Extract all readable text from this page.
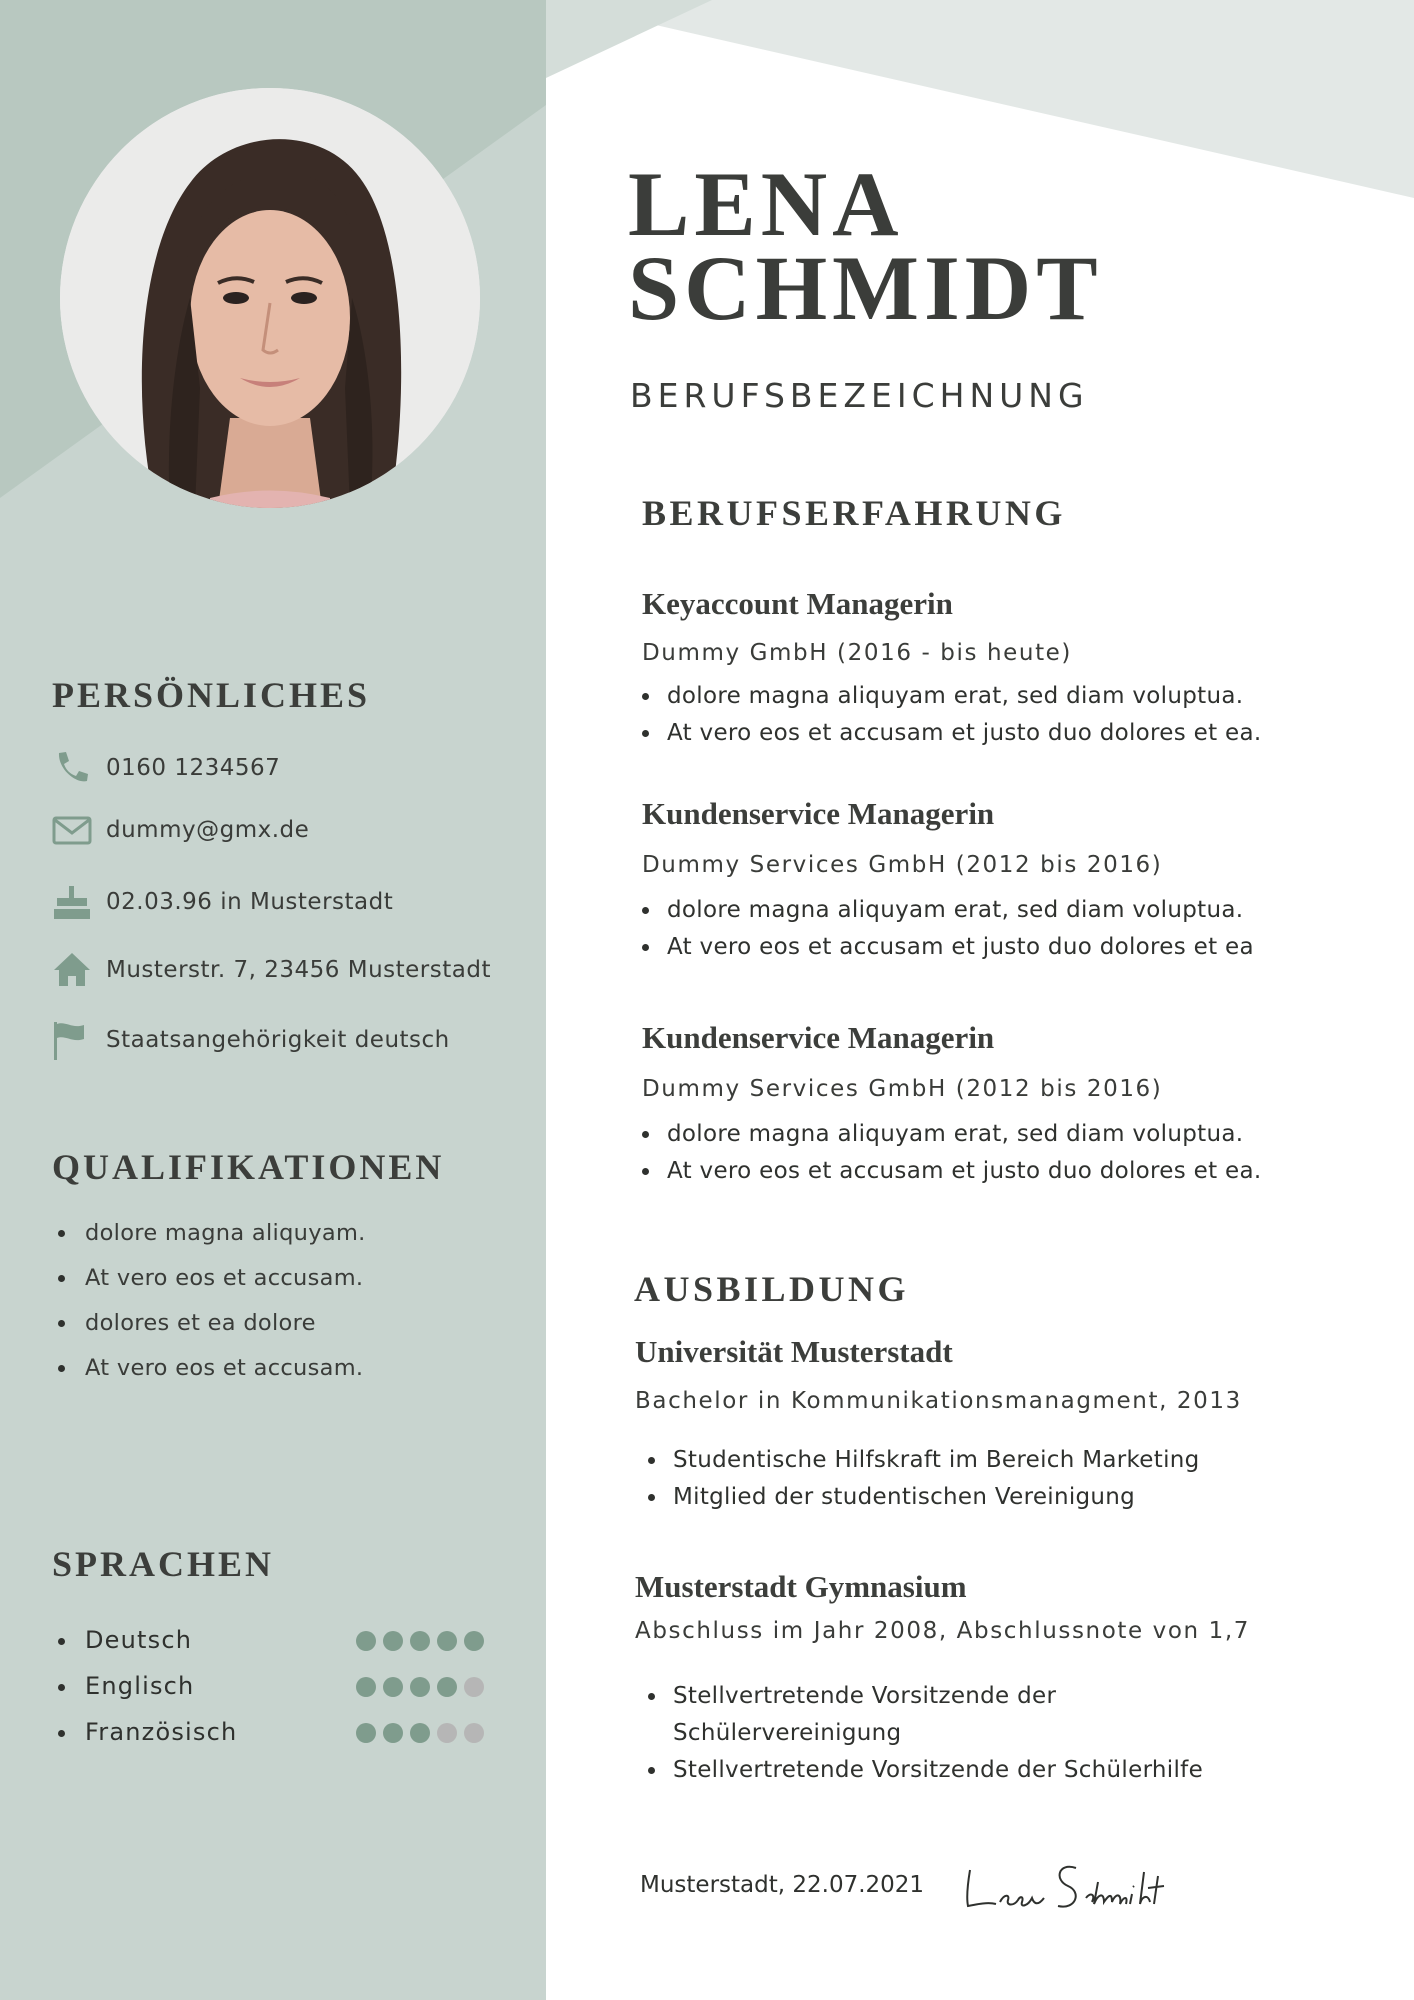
LENA
SCHMIDT
BERUFSBEZEICHNUNG
PERSÖNLICHES
0160 1234567
dummy@gmx.de
02.03.96 in Musterstadt
Musterstr. 7, 23456 Musterstadt
Staatsangehörigkeit deutsch
QUALIFIKATIONEN
dolore magna aliquyam.
At vero eos et accusam.
dolores et ea dolore
At vero eos et accusam.
SPRACHEN
Deutsch
Englisch
Französisch
BERUFSERFAHRUNG
Keyaccount Managerin
Dummy GmbH (2016 - bis heute)
dolore magna aliquyam erat, sed diam voluptua.
At vero eos et accusam et justo duo dolores et ea.
Kundenservice Managerin
Dummy Services GmbH (2012 bis 2016)
dolore magna aliquyam erat, sed diam voluptua.
At vero eos et accusam et justo duo dolores et ea
Kundenservice Managerin
Dummy Services GmbH (2012 bis 2016)
dolore magna aliquyam erat, sed diam voluptua.
At vero eos et accusam et justo duo dolores et ea.
AUSBILDUNG
Universität Musterstadt
Bachelor in Kommunikationsmanagment, 2013
Studentische Hilfskraft im Bereich Marketing
Mitglied der studentischen Vereinigung
Musterstadt Gymnasium
Abschluss im Jahr 2008, Abschlussnote von 1,7
Stellvertretende Vorsitzende der
Schülervereinigung
Stellvertretende Vorsitzende der Schülerhilfe
Musterstadt, 22.07.2021
